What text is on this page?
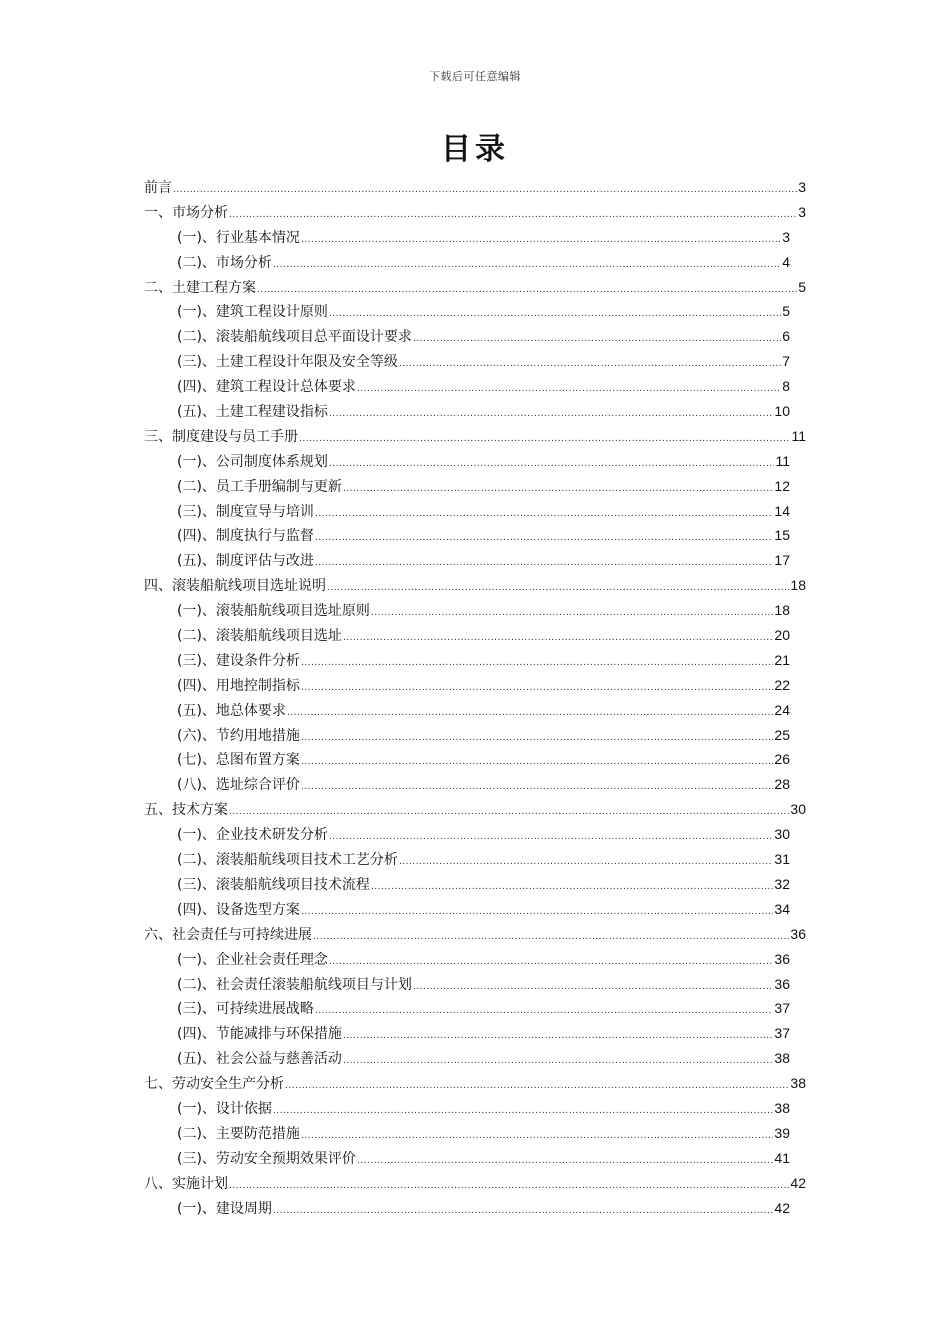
下载后可任意编辑
目录
前言 .....	3
一、市场分析 .....	3
(一)、行业基本情况 .....	3
(二)、市场分析 .....	4
二、土建工程方案 .....	5
(一)、建筑工程设计原则 .....	5
(二)、滚装船航线项目总平面设计要求 .....	6
(三)、土建工程设计年限及安全等级 .....	7
(四)、建筑工程设计总体要求 .....	8
(五)、土建工程建设指标 .....	10
三、制度建设与员工手册 .....	11
(一)、公司制度体系规划 .....	11
(二)、员工手册编制与更新 .....	12
(三)、制度宣导与培训 .....	14
(四)、制度执行与监督 .....	15
(五)、制度评估与改进 .....	17
四、滚装船航线项目选址说明 .....	18
(一)、滚装船航线项目选址原则 .....	18
(二)、滚装船航线项目选址 .....	20
(三)、建设条件分析 .....	21
(四)、用地控制指标 .....	22
(五)、地总体要求 .....	24
(六)、节约用地措施 .....	25
(七)、总图布置方案 .....	26
(八)、选址综合评价 .....	28
五、技术方案 .....	30
(一)、企业技术研发分析 .....	30
(二)、滚装船航线项目技术工艺分析 .....	31
(三)、滚装船航线项目技术流程 .....	32
(四)、设备选型方案 .....	34
六、社会责任与可持续进展 .....	36
(一)、企业社会责任理念 .....	36
(二)、社会责任滚装船航线项目与计划 .....	36
(三)、可持续进展战略 .....	37
(四)、节能减排与环保措施 .....	37
(五)、社会公益与慈善活动 .....	38
七、劳动安全生产分析 .....	38
(一)、设计依据 .....	38
(二)、主要防范措施 .....	39
(三)、劳动安全预期效果评价 .....	41
八、实施计划 .....	42
(一)、建设周期 .....	42
